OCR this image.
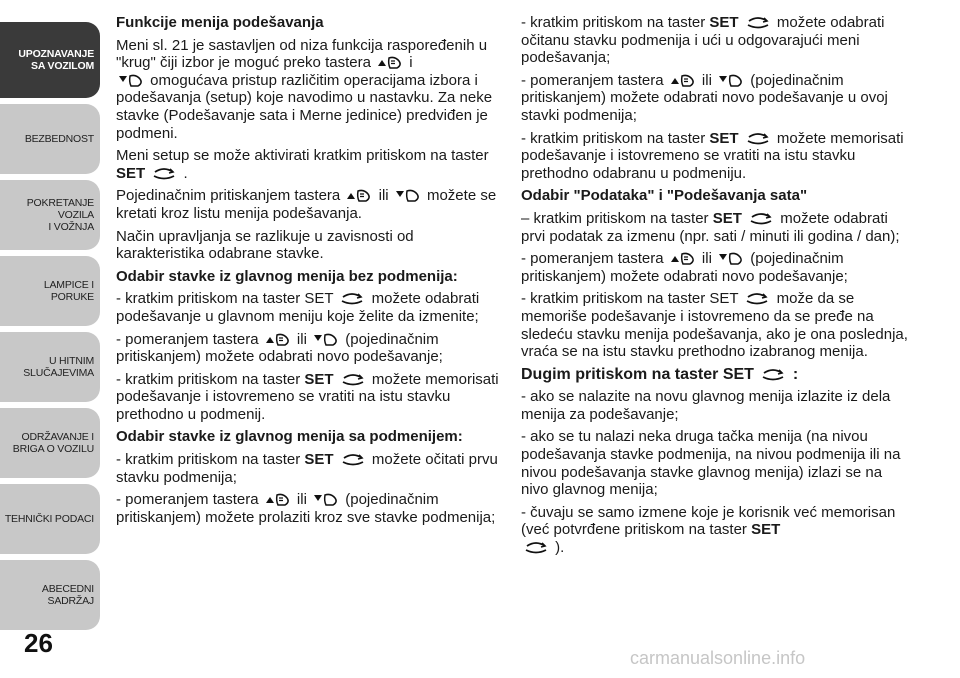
UPOZNAVANJE
SA VOZILOM
BEZBEDNOST
POKRETANJE VOZILA
I VOŽNJA
LAMPICE I PORUKE
U HITNIM
SLUČAJEVIMA
ODRŽAVANJE I
BRIGA O VOZILU
TEHNIČKI PODACI
ABECEDNI SADRŽAJ
26	carmanualsonline.info

Funkcije menija podešavanja

Meni sl. 21 je sastavljen od niza funkcija raspoređenih u "krug" čiji izbor je moguć preko tastera	i

omogućava pristup različitim operacijama izbora i podešavanja (setup) koje navodimo u nastavku. Za neke stavke (Podešavanje sata i Merne jedinice) predviđen je podmeni.

Meni setup se može aktivirati kratkim pritiskom na taster SET	.

Pojedinačnim pritiskanjem tastera	ili	možete se kretati kroz listu menija podešavanja.

Način upravljanja se razlikuje u zavisnosti od karakteristika odabrane stavke.

Odabir stavke iz glavnog menija bez podmenija:

- kratkim pritiskom na taster SET	možete odabrati podešavanje u glavnom meniju koje želite da izmenite;

- pomeranjem tastera	ili	(pojedinačnim pritiskanjem) možete odabrati novo podešavanje;

- kratkim pritiskom na taster SET	možete memorisati podešavanje i istovremeno se vratiti na istu stavku prethodno u podmenij.

Odabir stavke iz glavnog menija sa podmenijem:

- kratkim pritiskom na taster SET	možete očitati prvu stavku podmenija;

- pomeranjem tastera	ili	(pojedinačnim pritiskanjem) možete prolaziti kroz sve stavke podmenija;

- kratkim pritiskom na taster SET	možete odabrati očitanu stavku podmenija i ući u odgovarajući meni podešavanja;

- pomeranjem tastera	ili	(pojedinačnim pritiskanjem) možete odabrati novo podešavanje u ovoj stavki podmenija;

- kratkim pritiskom na taster SET	možete memorisati podešavanje i istovremeno se vratiti na istu stavku prethodno odabranu u podmeniju.

Odabir "Podataka" i "Podešavanja sata"

– kratkim pritiskom na taster SET	možete odabrati prvi podatak za izmenu (npr. sati / minuti ili godina / dan);

- pomeranjem tastera	ili	(pojedinačnim pritiskanjem) možete odabrati novo podešavanje;

- kratkim pritiskom na taster SET	može da se memoriše podešavanje i istovremeno da se pređe na sledeću stavku menija podešavanja, ako je ona poslednja, vraća se na istu stavku prethodno izabranog menija.

Dugim pritiskom na taster SET :

- ako se nalazite na novu glavnog menija izlazite iz dela menija za podešavanje;

- ako se tu nalazi neka druga tačka menija (na nivou podešavanja stavke podmenija, na nivou podmenija ili na nivou podešavanja stavke glavnog menija) izlazi se na nivo glavnog menija;

- čuvaju se samo izmene koje je korisnik već memorisan (već potvrđene pritiskom na taster SET

).
